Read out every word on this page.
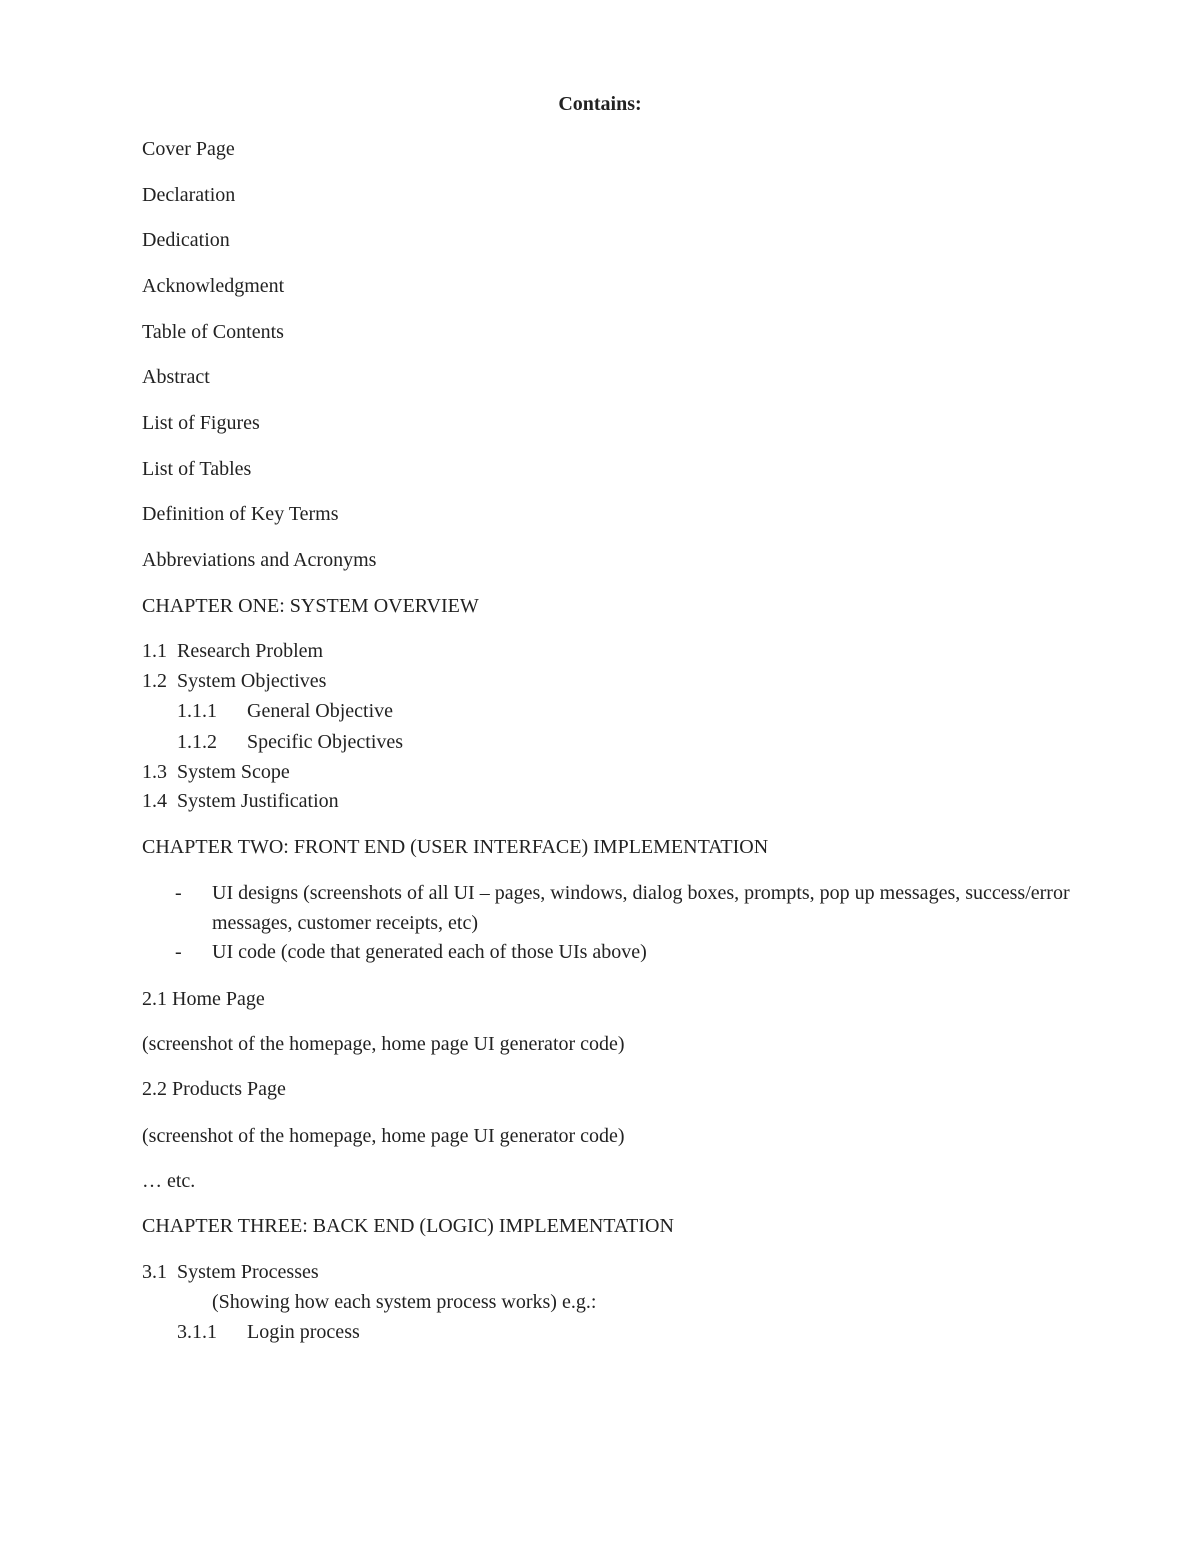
Contains:
Cover Page
Declaration
Dedication
Acknowledgment
Table of Contents
Abstract
List of Figures
List of Tables
Definition of Key Terms
Abbreviations and Acronyms
CHAPTER ONE: SYSTEM OVERVIEW
1.1 Research Problem
1.2 System Objectives
1.1.1 General Objective
1.1.2 Specific Objectives
1.3 System Scope
1.4 System Justification
CHAPTER TWO: FRONT END (USER INTERFACE) IMPLEMENTATION
- UI designs (screenshots of all UI – pages, windows, dialog boxes, prompts, pop up messages, success/error messages, customer receipts, etc)
- UI code (code that generated each of those UIs above)
2.1 Home Page
(screenshot of the homepage, home page UI generator code)
2.2 Products Page
(screenshot of the homepage, home page UI generator code)
… etc.
CHAPTER THREE: BACK END (LOGIC) IMPLEMENTATION
3.1 System Processes
(Showing how each system process works) e.g.:
3.1.1 Login process
